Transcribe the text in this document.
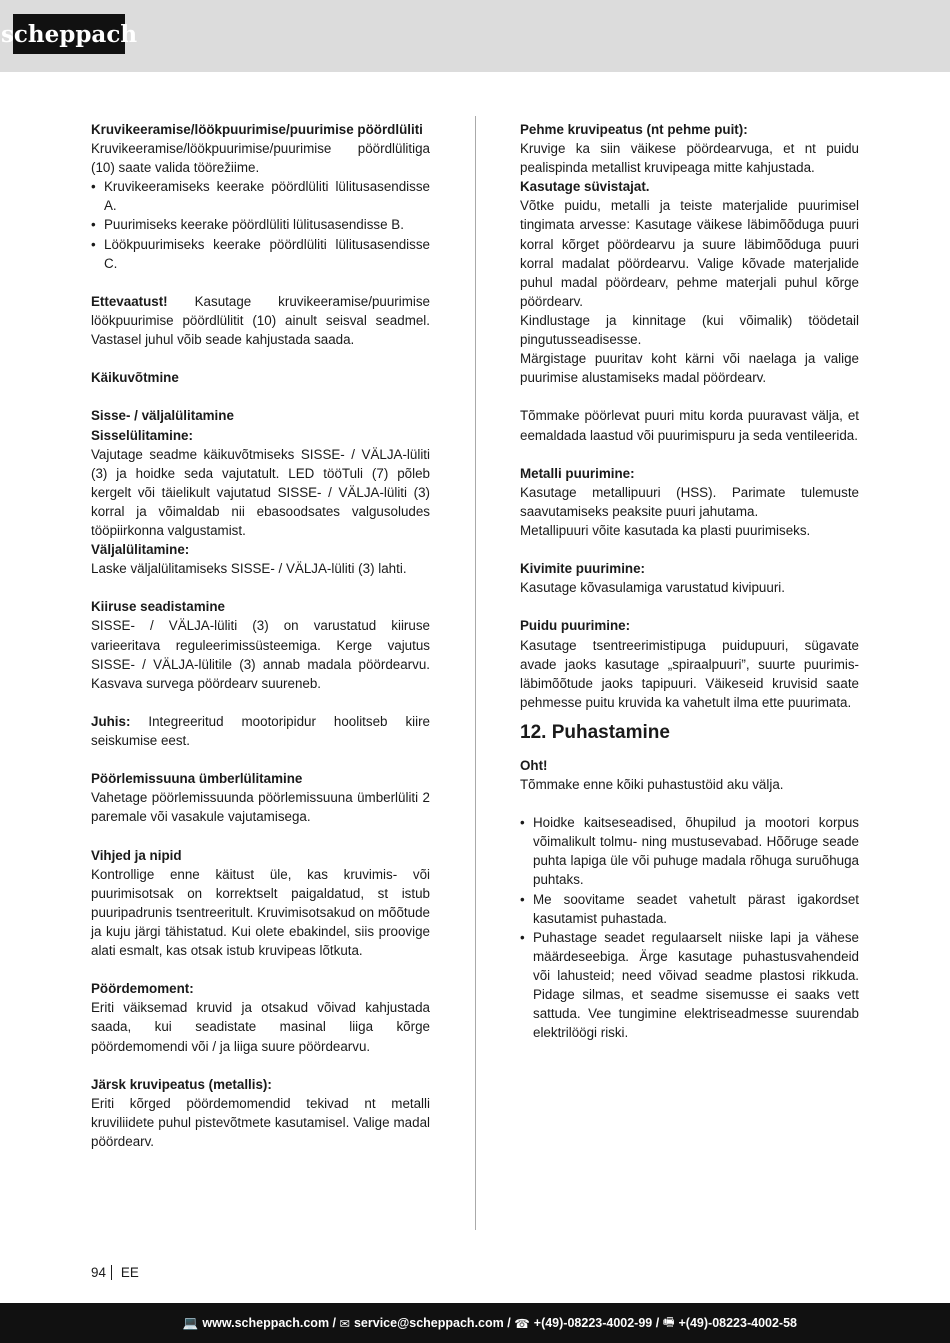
scheppach

Kruvikeeramise/löökpuurimise/puurimise pöördlüliti

Kruvikeeramise/löökpuurimise/puurimise pöördlülitiga (10) saate valida töörežiime.

• Kruvikeeramiseks keerake pöördlüliti lülitusasendisse A.
• Puurimiseks keerake pöördlüliti lülitusasendisse B.
• Löökpuurimiseks keerake pöördlüliti lülitusasendisse C.

Ettevaatust! Kasutage kruvikeeramise/puurimise löökpuurimise pöördlülitit (10) ainult seisval seadmel. Vastasel juhul võib seade kahjustada saada.

Käikuvõtmine

Sisse- / väljalülitamine

Sisselülitamine:

Vajutage seadme käikuvõtmiseks SISSE- / VÄLJA-lüliti (3) ja hoidke seda vajutatult. LED tööTuli (7) põleb kergelt või täielikult vajutatud SISSE- / VÄLJA-lüliti (3) korral ja võimaldab nii ebasoodsates valgusoludes tööpiirkonna valgustamist.

Väljalülitamine:

Laske väljalülitamiseks SISSE- / VÄLJA-lüliti (3) lahti.

Kiiruse seadistamine

SISSE- / VÄLJA-lüliti (3) on varustatud kiiruse varieeritava reguleerimissüsteemiga. Kerge vajutus SISSE- / VÄLJA-lülitile (3) annab madala pöördearvu. Kasvava survega pöördearv suureneb.

Juhis: Integreeritud mootoripidur hoolitseb kiire seiskumise eest.

Pöörlemissuuna ümberlülitamine

Vahetage pöörlemissuunda pöörlemissuuna ümberlüliti 2 paremale või vasakule vajutamisega.

Vihjed ja nipid

Kontrollige enne käitust üle, kas kruvimis- või puurimisotsak on korrektselt paigaldatud, st istub puuripadrunis tsentreeritult. Kruvimisotsakud on mõõtude ja kuju järgi tähistatud. Kui olete ebakindel, siis proovige alati esmalt, kas otsak istub kruvipeas lõtkuta.

Pöördemoment:

Eriti väiksemad kruvid ja otsakud võivad kahjustada saada, kui seadistate masinal liiga kõrge pöördemomendi või / ja liiga suure pöördearvu.

Järsk kruvipeatus (metallis):

Eriti kõrged pöördemomendid tekivad nt metalli kruviliidete puhul pistevõtmete kasutamisel. Valige madal pöördearv.

Pehme kruvipeatus (nt pehme puit):

Kruvige ka siin väikese pöördearvuga, et nt puidu pealispinda metallist kruvipeaga mitte kahjustada.

Kasutage süvistajat.

Võtke puidu, metalli ja teiste materjalide puurimisel tingimata arvesse: Kasutage väikese läbimõõduga puuri korral kõrget pöördearvu ja suure läbimõõduga puuri korral madalat pöördearvu. Valige kõvade materjalide puhul madal pöördearv, pehme materjali puhul kõrge pöördearv.

Kindlustage ja kinnitage (kui võimalik) töödetail pingutusseadisesse.

Märgistage puuritav koht kärni või naelaga ja valige puurimise alustamiseks madal pöördearv.

Tõmmake pöörlevat puuri mitu korda puuravast välja, et eemaldada laastud või puurimispuru ja seda ventileerida.

Metalli puurimine:

Kasutage metallipuuri (HSS). Parimate tulemuste saavutamiseks peaksite puuri jahutama.

Metallipuuri võite kasutada ka plasti puurimiseks.

Kivimite puurimine:

Kasutage kõvasulamiga varustatud kivipuuri.

Puidu puurimine:

Kasutage tsentreerimistipuga puidupuuri, sügavate avade jaoks kasutage „spiraalpuuri”, suurte puurimis-läbimõõtude jaoks tapipuuri. Väikeseid kruvisid saate pehmesse puitu kruvida ka vahetult ilma ette puurimata.

12. Puhastamine

Oht!

Tõmmake enne kõiki puhastustöid aku välja.

• Hoidke kaitseseadised, õhupilud ja mootori korpus võimalikult tolmu- ning mustusevabad. Hõõruge seade puhta lapiga üle või puhuge madala rõhuga suruõhuga puhtaks.
• Me soovitame seadet vahetult pärast igakordset kasutamist puhastada.
• Puhastage seadet regulaarselt niiske lapi ja vähese määrdeseebiga. Ärge kasutage puhastusvahendeid või lahusteid; need võivad seadme plastosi rikkuda. Pidage silmas, et seadme sisemusse ei saaks vett sattuda. Vee tungimine elektriseadmesse suurendab elektrilöögi riski.
94 EE
💻 www.scheppach.com /
✉ service@scheppach.com /
☎ +(49)-08223-4002-99 /
🖷 +(49)-08223-4002-58
